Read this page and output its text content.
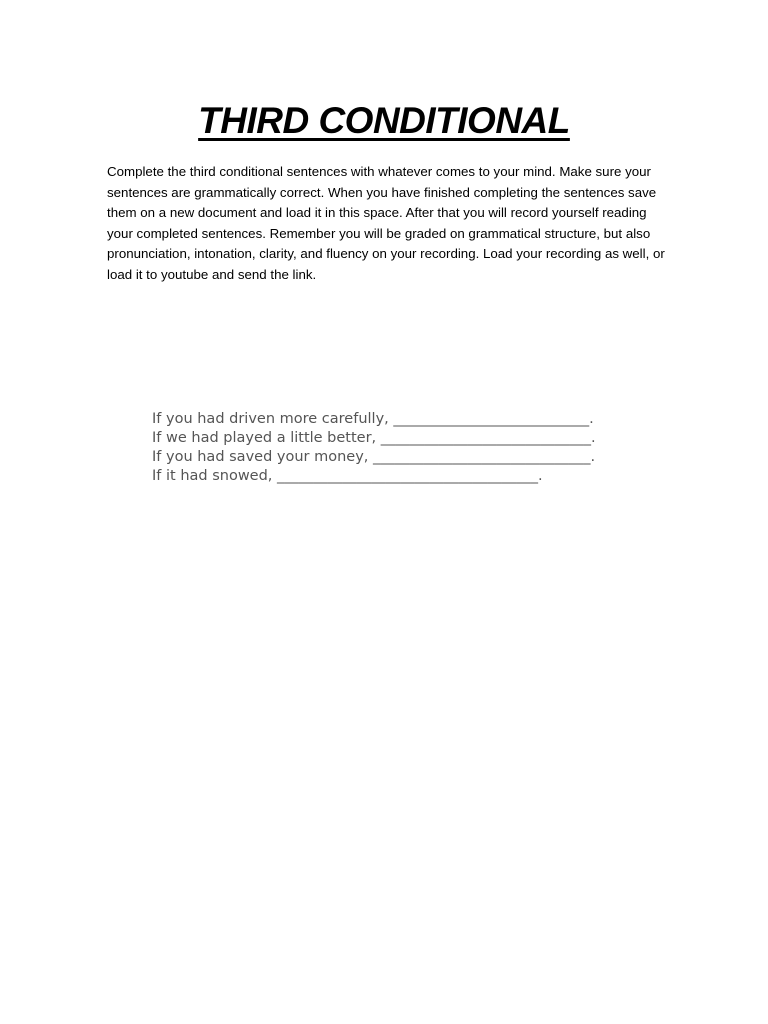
THIRD CONDITIONAL

Complete the third conditional sentences with whatever comes to your mind. Make sure your sentences are grammatically correct. When you have finished completing the sentences save them on a new document and load it in this space. After that you will record yourself reading your completed sentences. Remember you will be graded on grammatical structure, but also pronunciation, intonation, clarity, and fluency on your recording. Load your recording as well, or load it to youtube and send the link.

If you had driven more carefully, ___________________________.
If we had played a little better, _____________________________.
If you had saved your money, ______________________________.
If it had snowed, ____________________________________.
